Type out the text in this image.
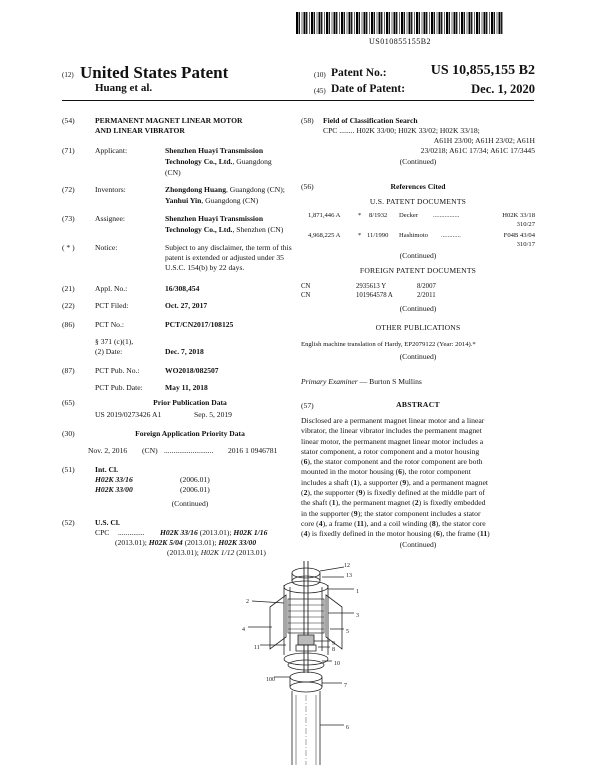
US010855155B2
(12) United States Patent
Huang et al.
(10) Patent No.:	US 10,855,155 B2
(45) Date of Patent:	Dec. 1, 2020
(54)	PERMANENT MAGNET LINEAR MOTOR
AND LINEAR VIBRATOR
(71)	Applicant:	Shenzhen Huayi Transmission
Technology Co., Ltd., Guangdong
(CN)
(72)	Inventors:	Zhongdong Huang, Guangdong (CN);
Yanhui Yin, Guangdong (CN)
(73)	Assignee:	Shenzhen Huayi Transmission
Technology Co., Ltd., Shenzhen (CN)
( * )	Notice:	Subject to any disclaimer, the term of this
patent is extended or adjusted under 35
U.S.C. 154(b) by 22 days.
(21)	Appl. No.:	16/308,454
(22)	PCT Filed:	Oct. 27, 2017
(86)	PCT No.:	PCT/CN2017/108125
§ 371 (c)(1),
(2) Date:	Dec. 7, 2018
(87)	PCT Pub. No.:	WO2018/082507
PCT Pub. Date:	May 11, 2018
(65)	Prior Publication Data
US 2019/0273426 A1	Sep. 5, 2019
(30)	Foreign Application Priority Data
Nov. 2, 2016 (CN) .......................... 2016 1 0946781
(51)	Int. Cl.
H02K 33/16	(2006.01)
H02K 33/00	(2006.01)
(Continued)
(52)	U.S. Cl.
CPC .............. H02K 33/16 (2013.01); H02K 1/16
(2013.01); H02K 5/04 (2013.01); H02K 33/00
(2013.01); H02K 1/12 (2013.01)
(58) Field of Classification Search
CPC ........ H02K 33/00; H02K 33/02; H02K 33/18;
A61H 23/00; A61H 23/02; A61H
23/0218; A61C 17/34; A61C 17/3445
(Continued)
(56)	References Cited
U.S. PATENT DOCUMENTS
1,871,446 A	* 8/1932 Decker ................	H02K 33/18
310/27
4,968,225 A	* 11/1990 Hashimoto ............	F04B 43/04
310/17
(Continued)
FOREIGN PATENT DOCUMENTS
CN	2935613 Y	8/2007
CN	101964578 A	2/2011
(Continued)
OTHER PUBLICATIONS
English machine translation of Hardy, EP2079122 (Year: 2014).*
(Continued)
Primary Examiner — Burton S Mullins
(57)	ABSTRACT
Disclosed are a permanent magnet linear motor and a linear
vibrator, the linear vibrator includes the permanent magnet
linear motor, the permanent magnet linear motor includes a
stator component, a rotor component and a motor housing
(6), the stator component and the rotor component are both
mounted in the motor housing (6), the rotor component
includes a shaft (1), a supporter (9), and a permanent magnet
(2), the supporter (9) is fixedly defined at the middle part of
the shaft (1), the permanent magnet (2) is fixedly embedded
in the supporter (9); the stator component includes a stator
core (4), a frame (11), and a coil winding (8), the stator core
(4) is fixedly defined in the motor housing (6), the frame (11)
(Continued)
12
13
1
2
3
4	5
11
9
8
10
100
7
6
